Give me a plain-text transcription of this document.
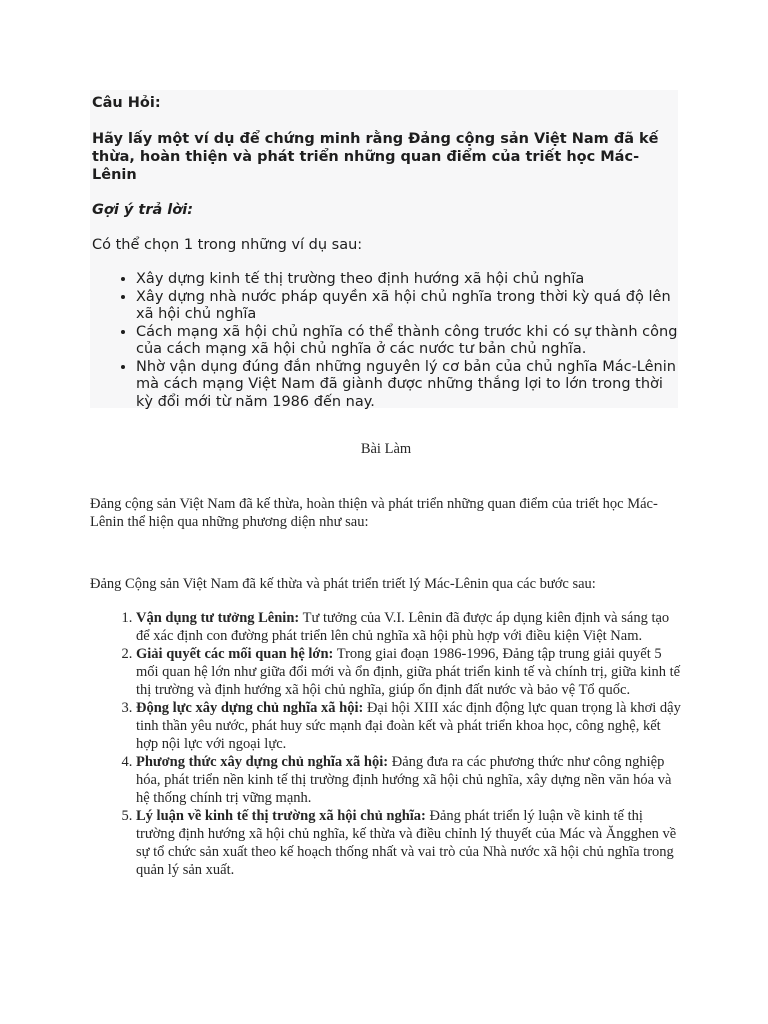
Câu Hỏi:
Hãy lấy một ví dụ để chứng minh rằng Đảng cộng sản Việt Nam đã kế thừa, hoàn thiện và phát triển những quan điểm của triết học Mác-Lênin
Gợi ý trả lời:
Có thể chọn 1 trong những ví dụ sau:
• Xây dựng kinh tế thị trường theo định hướng xã hội chủ nghĩa
• Xây dựng nhà nước pháp quyền xã hội chủ nghĩa trong thời kỳ quá độ lên xã hội chủ nghĩa
• Cách mạng xã hội chủ nghĩa có thể thành công trước khi có sự thành công của cách mạng xã hội chủ nghĩa ở các nước tư bản chủ nghĩa.
• Nhờ vận dụng đúng đắn những nguyên lý cơ bản của chủ nghĩa Mác-Lênin mà cách mạng Việt Nam đã giành được những thắng lợi to lớn trong thời kỳ đổi mới từ năm 1986 đến nay.
Bài Làm
Đảng cộng sản Việt Nam đã kế thừa, hoàn thiện và phát triển những quan điểm của triết học Mác-Lênin thể hiện qua những phương diện như sau:
Đảng Cộng sản Việt Nam đã kế thừa và phát triển triết lý Mác-Lênin qua các bước sau:
1. Vận dụng tư tưởng Lênin: Tư tưởng của V.I. Lênin đã được áp dụng kiên định và sáng tạo để xác định con đường phát triển lên chủ nghĩa xã hội phù hợp với điều kiện Việt Nam.
2. Giải quyết các mối quan hệ lớn: Trong giai đoạn 1986-1996, Đảng tập trung giải quyết 5 mối quan hệ lớn như giữa đổi mới và ổn định, giữa phát triển kinh tế và chính trị, giữa kinh tế thị trường và định hướng xã hội chủ nghĩa, giúp ổn định đất nước và bảo vệ Tổ quốc.
3. Động lực xây dựng chủ nghĩa xã hội: Đại hội XIII xác định động lực quan trọng là khơi dậy tinh thần yêu nước, phát huy sức mạnh đại đoàn kết và phát triển khoa học, công nghệ, kết hợp nội lực với ngoại lực.
4. Phương thức xây dựng chủ nghĩa xã hội: Đảng đưa ra các phương thức như công nghiệp hóa, phát triển nền kinh tế thị trường định hướng xã hội chủ nghĩa, xây dựng nền văn hóa và hệ thống chính trị vững mạnh.
5. Lý luận về kinh tế thị trường xã hội chủ nghĩa: Đảng phát triển lý luận về kinh tế thị trường định hướng xã hội chủ nghĩa, kế thừa và điều chỉnh lý thuyết của Mác và Ăngghen về sự tổ chức sản xuất theo kế hoạch thống nhất và vai trò của Nhà nước xã hội chủ nghĩa trong quản lý sản xuất.
